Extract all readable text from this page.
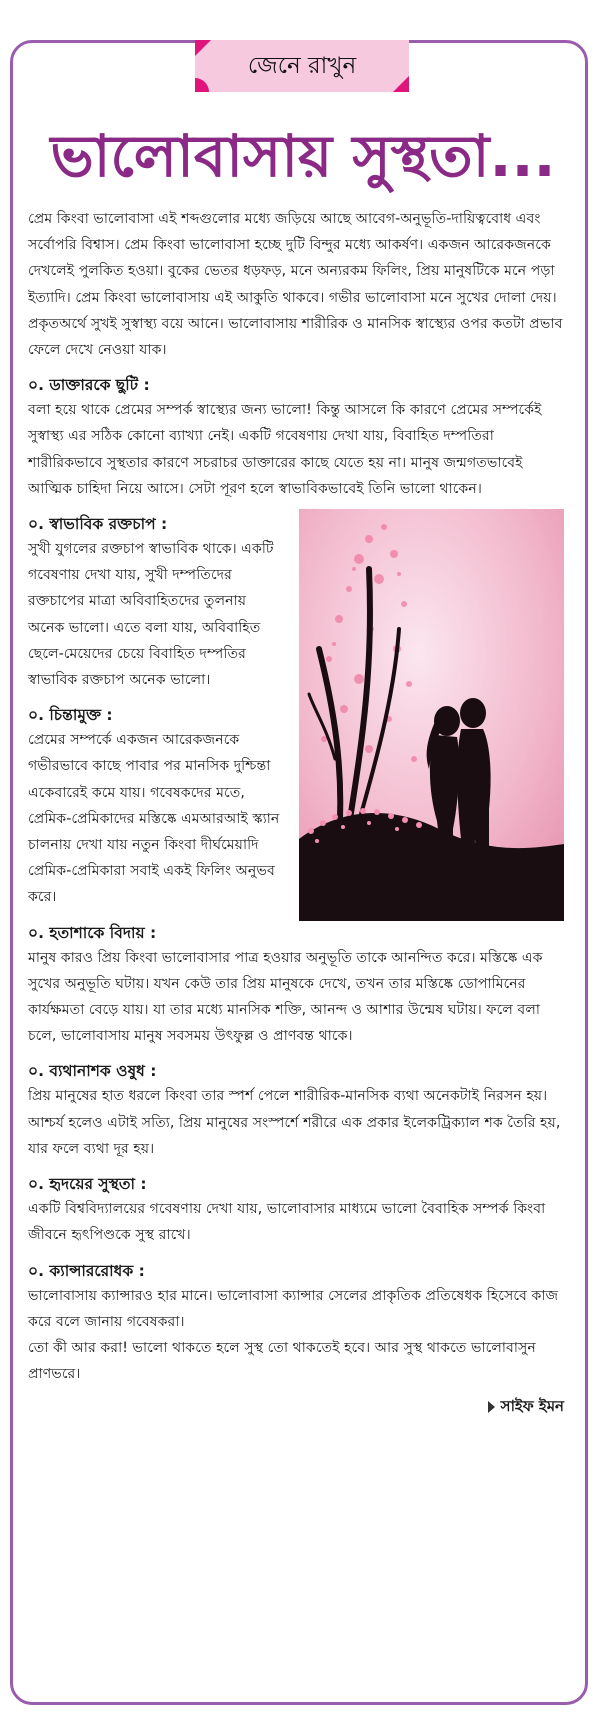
জেনে রাখুন
ভালোবাসায় সুস্থতা...

প্রেম কিংবা ভালোবাসা এই শব্দগুলোর মধ্যে জড়িয়ে আছে আবেগ-অনুভূতি-দায়িত্ববোধ এবং সর্বোপরি বিশ্বাস। প্রেম কিংবা ভালোবাসা হচ্ছে দুটি বিন্দুর মধ্যে আকর্ষণ। একজন আরেকজনকে দেখলেই পুলকিত হওয়া। বুকের ভেতর ধড়ফড়, মনে অন্যরকম ফিলিং, প্রিয় মানুষটিকে মনে পড়া ইত্যাদি। প্রেম কিংবা ভালোবাসায় এই আকুতি থাকবে। গভীর ভালোবাসা মনে সুখের দোলা দেয়। প্রকৃতঅর্থে সুখই সুস্বাস্থ্য বয়ে আনে। ভালোবাসায় শারীরিক ও মানসিক স্বাস্থ্যের ওপর কতটা প্রভাব ফেলে দেখে নেওয়া যাক।

০. ডাক্তারকে ছুটি :

বলা হয়ে থাকে প্রেমের সম্পর্ক স্বাস্থ্যের জন্য ভালো! কিন্তু আসলে কি কারণে প্রেমের সম্পর্কেই সুস্বাস্থ্য এর সঠিক কোনো ব্যাখ্যা নেই। একটি গবেষণায় দেখা যায়, বিবাহিত দম্পতিরা শারীরিকভাবে সুস্থতার কারণে সচরাচর ডাক্তারের কাছে যেতে হয় না। মানুষ জন্মগতভাবেই আত্মিক চাহিদা নিয়ে আসে। সেটা পূরণ হলে স্বাভাবিকভাবেই তিনি ভালো থাকেন।

০. স্বাভাবিক রক্তচাপ :

সুখী যুগলের রক্তচাপ স্বাভাবিক থাকে। একটি গবেষণায় দেখা যায়, সুখী দম্পতিদের রক্তচাপের মাত্রা অবিবাহিতদের তুলনায় অনেক ভালো। এতে বলা যায়, অবিবাহিত ছেলে-মেয়েদের চেয়ে বিবাহিত দম্পতির স্বাভাবিক রক্তচাপ অনেক ভালো।

০. চিন্তামুক্ত :

প্রেমের সম্পর্কে একজন আরেকজনকে গভীরভাবে কাছে পাবার পর মানসিক দুশ্চিন্তা একেবারেই কমে যায়। গবেষকদের মতে, প্রেমিক-প্রেমিকাদের মস্তিষ্কে এমআরআই স্ক্যান চালনায় দেখা যায় নতুন কিংবা দীর্ঘমেয়াদি প্রেমিক-প্রেমিকারা সবাই একই ফিলিং অনুভব করে।

০. হতাশাকে বিদায় :

মানুষ কারও প্রিয় কিংবা ভালোবাসার পাত্র হওয়ার অনুভূতি তাকে আনন্দিত করে। মস্তিষ্কে এক সুখের অনুভূতি ঘটায়। যখন কেউ তার প্রিয় মানুষকে দেখে, তখন তার মস্তিষ্কে ডোপামিনের কার্যক্ষমতা বেড়ে যায়। যা তার মধ্যে মানসিক শক্তি, আনন্দ ও আশার উন্মেষ ঘটায়। ফলে বলা চলে, ভালোবাসায় মানুষ সবসময় উৎফুল্ল ও প্রাণবন্ত থাকে।

০. ব্যথানাশক ওষুধ :

প্রিয় মানুষের হাত ধরলে কিংবা তার স্পর্শ পেলে শারীরিক-মানসিক ব্যথা অনেকটাই নিরসন হয়। আশ্চর্য হলেও এটাই সত্যি, প্রিয় মানুষের সংস্পর্শে শরীরে এক প্রকার ইলেকট্রিক্যাল শক তৈরি হয়, যার ফলে ব্যথা দূর হয়।

০. হৃদয়ের সুস্থতা :

একটি বিশ্ববিদ্যালয়ের গবেষণায় দেখা যায়, ভালোবাসার মাধ্যমে ভালো বৈবাহিক সম্পর্ক কিংবা জীবনে হৃৎপিণ্ডকে সুস্থ রাখে।

০. ক্যান্সাররোধক :

ভালোবাসায় ক্যান্সারও হার মানে। ভালোবাসা ক্যান্সার সেলের প্রাকৃতিক প্রতিষেধক হিসেবে কাজ করে বলে জানায় গবেষকরা।

তো কী আর করা! ভালো থাকতে হলে সুস্থ তো থাকতেই হবে। আর সুস্থ থাকতে ভালোবাসুন প্রাণভরে।

সাইফ ইমন
